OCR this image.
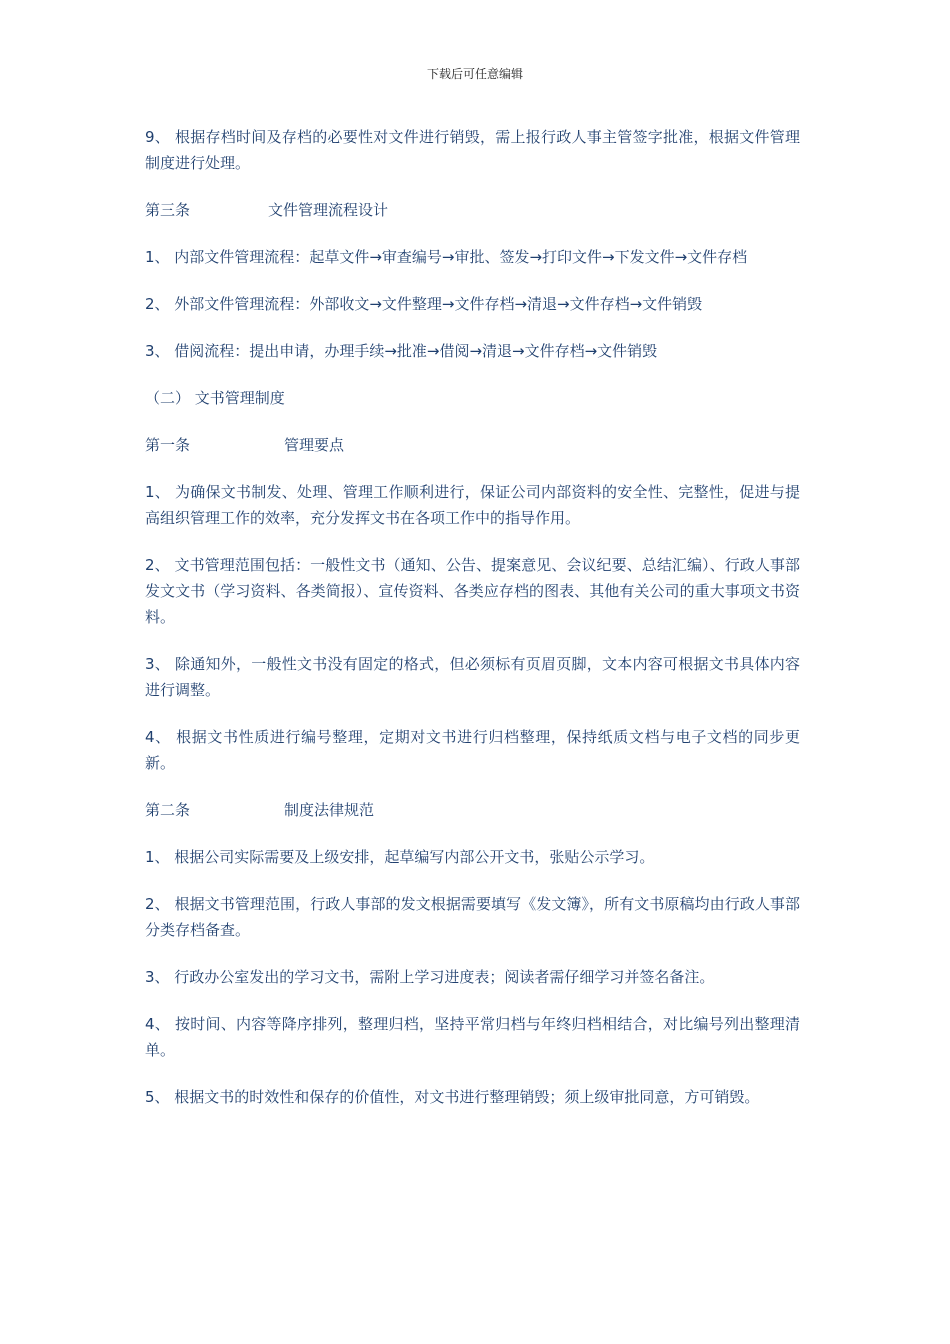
下载后可任意编辑

9、 根据存档时间及存档的必要性对文件进行销毁，需上报行政人事主管签字批准，根据文件管理制度进行处理。

第三条	文件管理流程设计

1、 内部文件管理流程：起草文件→审查编号→审批、签发→打印文件→下发文件→文件存档

2、 外部文件管理流程：外部收文→文件整理→文件存档→清退→文件存档→文件销毁

3、 借阅流程：提出申请，办理手续→批准→借阅→清退→文件存档→文件销毁

（二） 文书管理制度
第一条	管理要点

1、 为确保文书制发、处理、管理工作顺利进行，保证公司内部资料的安全性、完整性，促进与提高组织管理工作的效率，充分发挥文书在各项工作中的指导作用。

2、 文书管理范围包括：一般性文书（通知、公告、提案意见、会议纪要、总结汇编）、行政人事部发文文书（学习资料、各类简报）、宣传资料、各类应存档的图表、其他有关公司的重大事项文书资料。

3、 除通知外，一般性文书没有固定的格式，但必须标有页眉页脚，文本内容可根据文书具体内容进行调整。

4、 根据文书性质进行编号整理，定期对文书进行归档整理，保持纸质文档与电子文档的同步更新。

第二条	制度法律规范

1、 根据公司实际需要及上级安排，起草编写内部公开文书，张贴公示学习。

2、 根据文书管理范围，行政人事部的发文根据需要填写《发文簿》，所有文书原稿均由行政人事部分类存档备查。

3、 行政办公室发出的学习文书，需附上学习进度表；阅读者需仔细学习并签名备注。

4、 按时间、内容等降序排列，整理归档，坚持平常归档与年终归档相结合，对比编号列出整理清单。

5、 根据文书的时效性和保存的价值性，对文书进行整理销毁；须上级审批同意，方可销毁。
